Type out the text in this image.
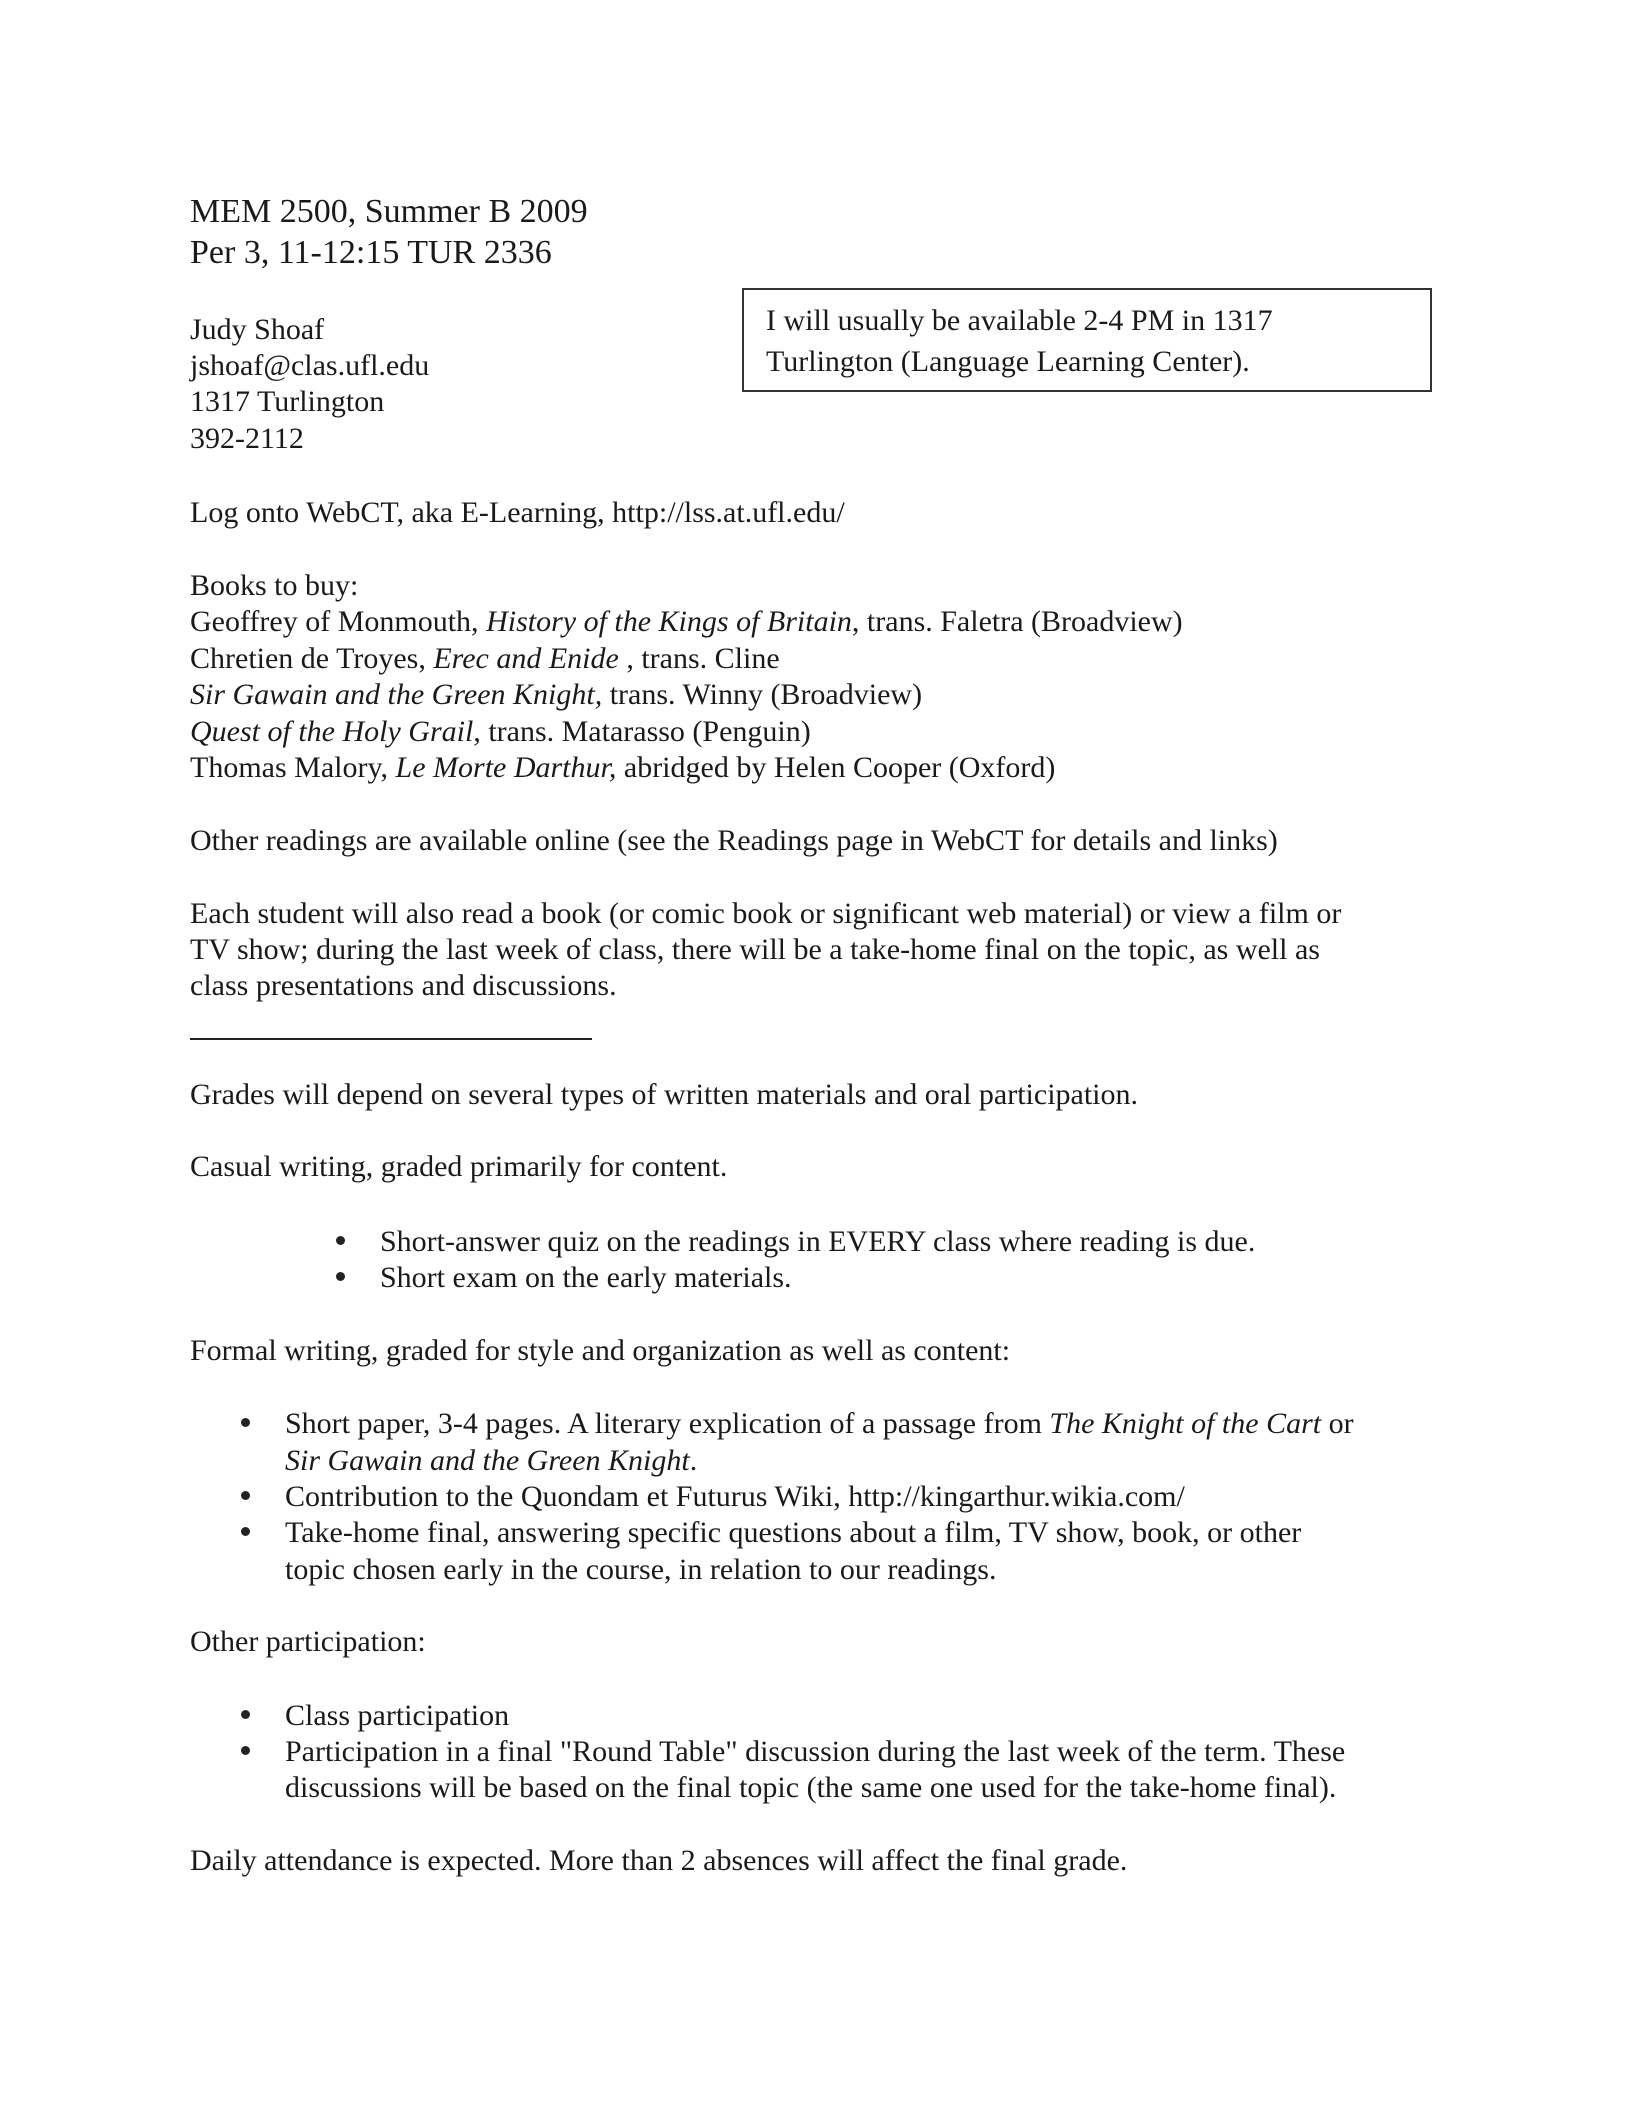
MEM 2500, Summer B 2009
Per 3, 11-12:15 TUR 2336
Judy Shoaf
jshoaf@clas.ufl.edu
1317 Turlington
392-2112
I will usually be available 2-4 PM in 1317
Turlington (Language Learning Center).
Log onto WebCT, aka E-Learning, http://lss.at.ufl.edu/
Books to buy:
Geoffrey of Monmouth, History of the Kings of Britain, trans. Faletra (Broadview)
Chretien de Troyes, Erec and Enide , trans. Cline
Sir Gawain and the Green Knight, trans. Winny (Broadview)
Quest of the Holy Grail, trans. Matarasso (Penguin)
Thomas Malory, Le Morte Darthur, abridged by Helen Cooper (Oxford)
Other readings are available online (see the Readings page in WebCT for details and links)
Each student will also read a book (or comic book or significant web material) or view a film or
TV show; during the last week of class, there will be a take-home final on the topic, as well as
class presentations and discussions.
Grades will depend on several types of written materials and oral participation.
Casual writing, graded primarily for content.
Short-answer quiz on the readings in EVERY class where reading is due.
Short exam on the early materials.
Formal writing, graded for style and organization as well as content:
Short paper, 3-4 pages. A literary explication of a passage from The Knight of the Cart or
Sir Gawain and the Green Knight.
Contribution to the Quondam et Futurus Wiki, http://kingarthur.wikia.com/
Take-home final, answering specific questions about a film, TV show, book, or other
topic chosen early in the course, in relation to our readings.
Other participation:
Class participation
Participation in a final "Round Table" discussion during the last week of the term. These
discussions will be based on the final topic (the same one used for the take-home final).
Daily attendance is expected. More than 2 absences will affect the final grade.
